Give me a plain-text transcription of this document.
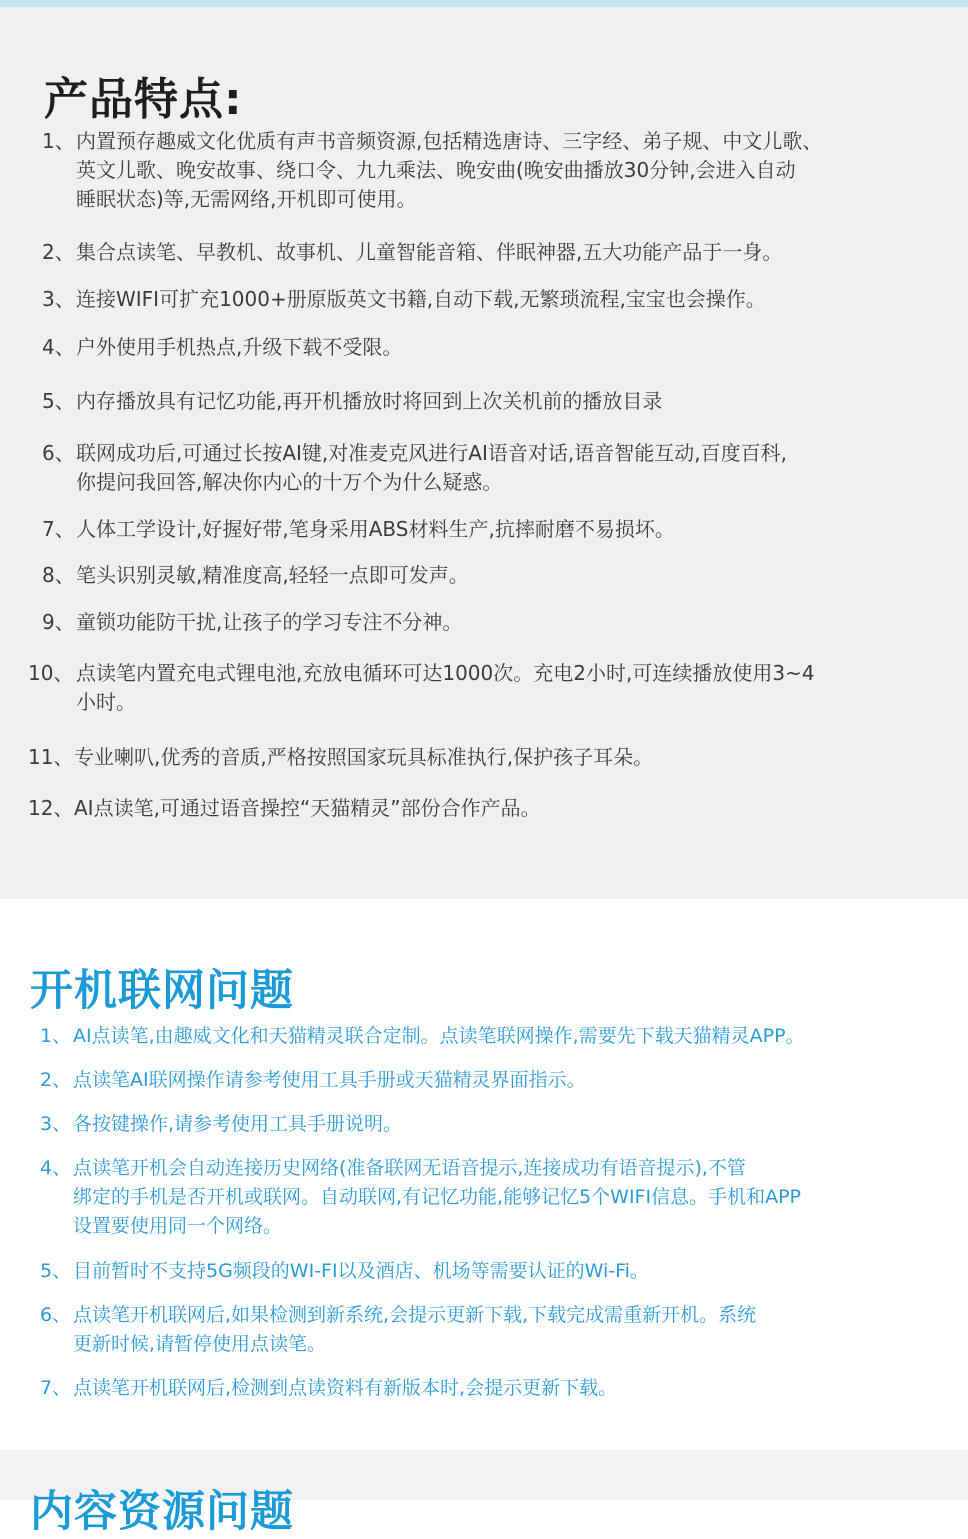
产品特点:
1、 内置预存趣威文化优质有声书音频资源,包括精选唐诗、三字经、弟子规、中文儿歌、
英文儿歌、晚安故事、绕口令、九九乘法、晚安曲(晚安曲播放30分钟,会进入自动
睡眠状态)等,无需网络,开机即可使用。
2、 集合点读笔、早教机、故事机、儿童智能音箱、伴眠神器,五大功能产品于一身。
3、 连接WIFI可扩充1000+册原版英文书籍,自动下载,无繁琐流程,宝宝也会操作。
4、 户外使用手机热点,升级下载不受限。
5、 内存播放具有记忆功能,再开机播放时将回到上次关机前的播放目录
6、 联网成功后,可通过长按AI键,对准麦克风进行AI语音对话,语音智能互动,百度百科,
你提问我回答,解决你内心的十万个为什么疑惑。
7、 人体工学设计,好握好带,笔身采用ABS材料生产,抗摔耐磨不易损坏。
8、 笔头识别灵敏,精准度高,轻轻一点即可发声。
9、 童锁功能防干扰,让孩子的学习专注不分神。
10、 点读笔内置充电式锂电池,充放电循环可达1000次。充电2小时,可连续播放使用3~4
小时。
11、 专业喇叭,优秀的音质,严格按照国家玩具标准执行,保护孩子耳朵。
12、 AI点读笔,可通过语音操控“天猫精灵”部份合作产品。
开机联网问题
1、 AI点读笔,由趣威文化和天猫精灵联合定制。点读笔联网操作,需要先下载天猫精灵APP。
2、 点读笔AI联网操作请参考使用工具手册或天猫精灵界面指示。
3、 各按键操作,请参考使用工具手册说明。
4、 点读笔开机会自动连接历史网络(准备联网无语音提示,连接成功有语音提示),不管
绑定的手机是否开机或联网。自动联网,有记忆功能,能够记忆5个WIFI信息。手机和APP
设置要使用同一个网络。
5、 目前暂时不支持5G频段的WI-FI以及酒店、机场等需要认证的Wi-Fi。
6、 点读笔开机联网后,如果检测到新系统,会提示更新下载,下载完成需重新开机。系统
更新时候,请暂停使用点读笔。
7、 点读笔开机联网后,检测到点读资料有新版本时,会提示更新下载。
内容资源问题
